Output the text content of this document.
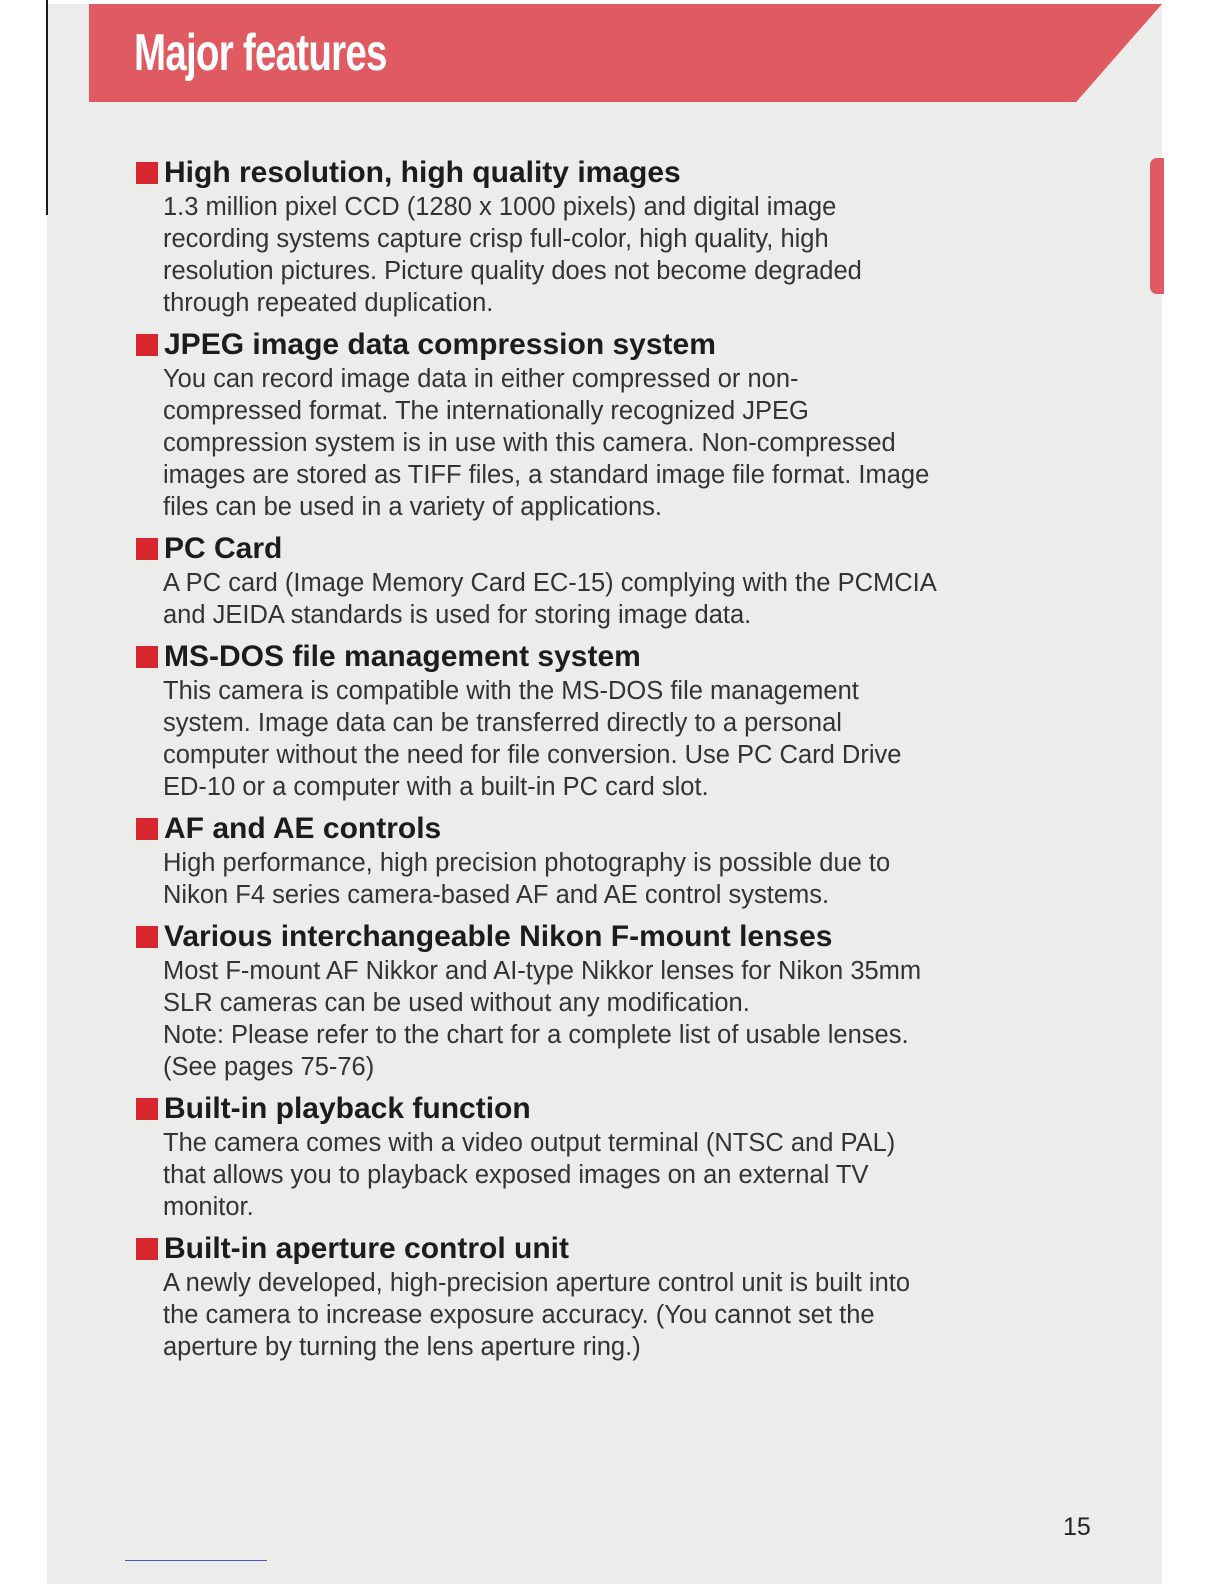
Major features
High resolution, high quality images

1.3 million pixel CCD (1280 x 1000 pixels) and digital image
recording systems capture crisp full-color, high quality, high
resolution pictures. Picture quality does not become degraded
through repeated duplication.

JPEG image data compression system

You can record image data in either compressed or non-
compressed format. The internationally recognized JPEG
compression system is in use with this camera. Non-compressed
images are stored as TIFF files, a standard image file format. Image
files can be used in a variety of applications.

PC Card

A PC card (Image Memory Card EC-15) complying with the PCMCIA
and JEIDA standards is used for storing image data.

MS-DOS file management system

This camera is compatible with the MS-DOS file management
system. Image data can be transferred directly to a personal
computer without the need for file conversion. Use PC Card Drive
ED-10 or a computer with a built-in PC card slot.

AF and AE controls

High performance, high precision photography is possible due to
Nikon F4 series camera-based AF and AE control systems.

Various interchangeable Nikon F-mount lenses

Most F-mount AF Nikkor and AI-type Nikkor lenses for Nikon 35mm
SLR cameras can be used without any modification.
Note: Please refer to the chart for a complete list of usable lenses.
(See pages 75-76)

Built-in playback function

The camera comes with a video output terminal (NTSC and PAL)
that allows you to playback exposed images on an external TV
monitor.

Built-in aperture control unit

A newly developed, high-precision aperture control unit is built into
the camera to increase exposure accuracy. (You cannot set the
aperture by turning the lens aperture ring.)

15
